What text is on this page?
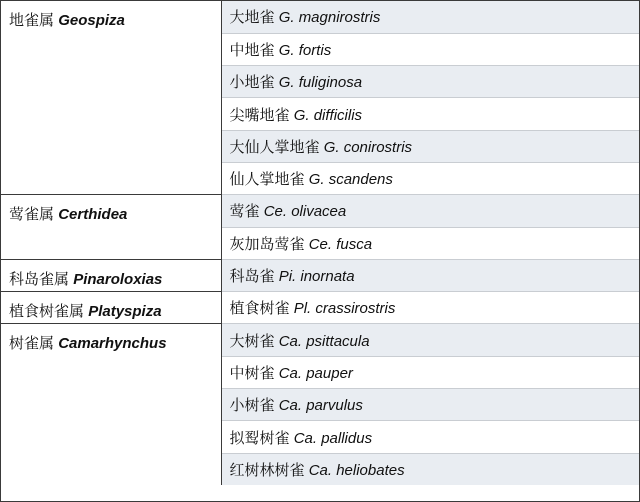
地雀属 Geospiza	大地雀 G. magnirostris
	中地雀 G. fortis
	小地雀 G. fuliginosa
	尖嘴地雀 G. difficilis
	大仙人掌地雀 G. conirostris
	仙人掌地雀 G. scandens
莺雀属 Certhidea	莺雀 Ce. olivacea
	灰加岛莺雀 Ce. fusca
科岛雀属 Pinaroloxias	科岛雀 Pi. inornata
植食树雀属 Platyspiza	植食树雀 Pl. crassirostris
树雀属 Camarhynchus	大树雀 Ca. psittacula
	中树雀 Ca. pauper
	小树雀 Ca. parvulus
	拟䴕树雀 Ca. pallidus
	红树林树雀 Ca. heliobates
